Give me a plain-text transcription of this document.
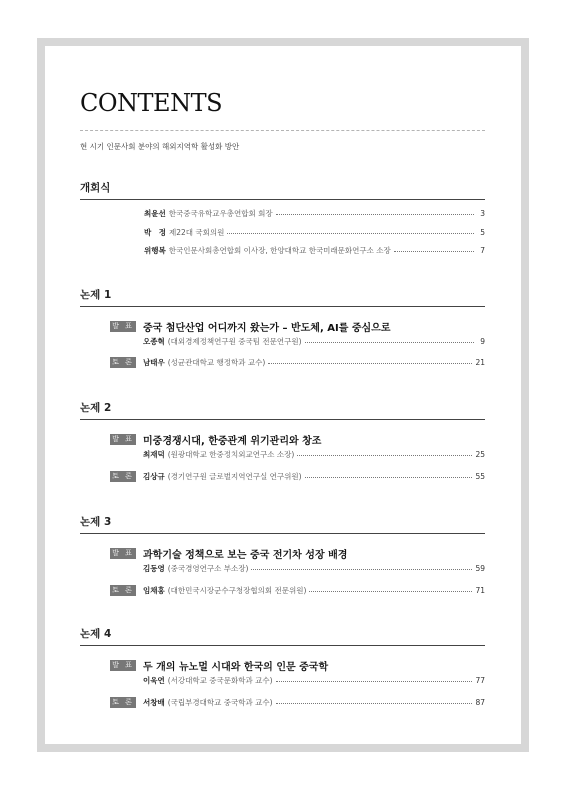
CONTENTS
현 시기 인문사회 분야의 해외지역학 활성화 방안
개회식
최윤선 한국중국유학교우총연합회 회장	3
박　정 제22대 국회의원	5
위행복 한국인문사회총연합회 이사장, 한양대학교 한국미래문화연구소 소장	7
논제 1
발 표 중국 첨단산업 어디까지 왔는가 – 반도체, AI를 중심으로
오종혁 (대외경제정책연구원 중국팀 전문연구원)	9
토 론 남태우 (성균관대학교 행정학과 교수)	21
논제 2
발 표 미중경쟁시대, 한중관계 위기관리와 창조
최재덕 (원광대학교 한중정치외교연구소 소장)	25
토 론 김상규 (경기연구원 글로벌지역연구실 연구위원)	55
논제 3
발 표 과학기술 정책으로 보는 중국 전기차 성장 배경
김동영 (중국경영연구소 부소장)	59
토 론 임채홍 (대한민국시장군수구청장협의회 전문위원)	71
논제 4
발 표 두 개의 뉴노멀 시대와 한국의 인문 중국학
이욱연 (서강대학교 중국문화학과 교수)	77
토 론 서창배 (국립부경대학교 중국학과 교수)	87
